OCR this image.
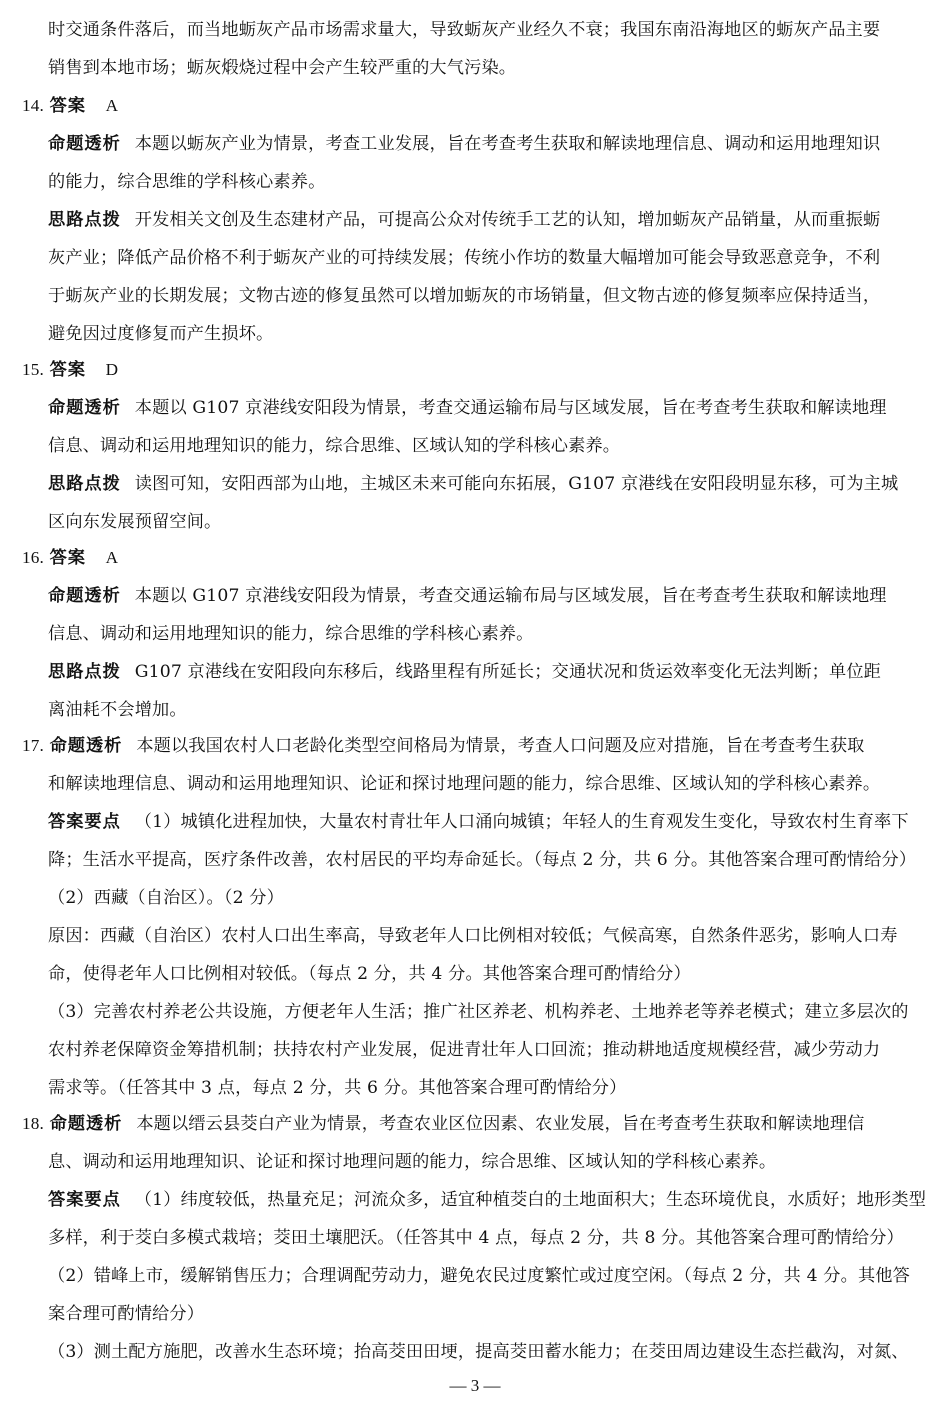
时交通条件落后，而当地蛎灰产品市场需求量大，导致蛎灰产业经久不衰；我国东南沿海地区的蛎灰产品主要
销售到本地市场；蛎灰煅烧过程中会产生较严重的大气污染。
14. 答案 A
命题透析 本题以蛎灰产业为情景，考查工业发展，旨在考查考生获取和解读地理信息、调动和运用地理知识
的能力，综合思维的学科核心素养。
思路点拨 开发相关文创及生态建材产品，可提高公众对传统手工艺的认知，增加蛎灰产品销量，从而重振蛎
灰产业；降低产品价格不利于蛎灰产业的可持续发展；传统小作坊的数量大幅增加可能会导致恶意竞争，不利
于蛎灰产业的长期发展；文物古迹的修复虽然可以增加蛎灰的市场销量，但文物古迹的修复频率应保持适当，
避免因过度修复而产生损坏。
15. 答案 D
命题透析 本题以 G107 京港线安阳段为情景，考查交通运输布局与区域发展，旨在考查考生获取和解读地理
信息、调动和运用地理知识的能力，综合思维、区域认知的学科核心素养。
思路点拨 读图可知，安阳西部为山地，主城区未来可能向东拓展，G107 京港线在安阳段明显东移，可为主城
区向东发展预留空间。
16. 答案 A
命题透析 本题以 G107 京港线安阳段为情景，考查交通运输布局与区域发展，旨在考查考生获取和解读地理
信息、调动和运用地理知识的能力，综合思维的学科核心素养。
思路点拨 G107 京港线在安阳段向东移后，线路里程有所延长；交通状况和货运效率变化无法判断；单位距
离油耗不会增加。
17. 命题透析 本题以我国农村人口老龄化类型空间格局为情景，考查人口问题及应对措施，旨在考查考生获取
和解读地理信息、调动和运用地理知识、论证和探讨地理问题的能力，综合思维、区域认知的学科核心素养。
答案要点 （1）城镇化进程加快，大量农村青壮年人口涌向城镇；年轻人的生育观发生变化，导致农村生育率下
降；生活水平提高，医疗条件改善，农村居民的平均寿命延长。（每点 2 分，共 6 分。其他答案合理可酌情给分）
（2）西藏（自治区）。（2 分）
原因：西藏（自治区）农村人口出生率高，导致老年人口比例相对较低；气候高寒，自然条件恶劣，影响人口寿
命，使得老年人口比例相对较低。（每点 2 分，共 4 分。其他答案合理可酌情给分）
（3）完善农村养老公共设施，方便老年人生活；推广社区养老、机构养老、土地养老等养老模式；建立多层次的
农村养老保障资金筹措机制；扶持农村产业发展，促进青壮年人口回流；推动耕地适度规模经营，减少劳动力
需求等。（任答其中 3 点，每点 2 分，共 6 分。其他答案合理可酌情给分）
18. 命题透析 本题以缙云县茭白产业为情景，考查农业区位因素、农业发展，旨在考查考生获取和解读地理信
息、调动和运用地理知识、论证和探讨地理问题的能力，综合思维、区域认知的学科核心素养。
答案要点 （1）纬度较低，热量充足；河流众多，适宜种植茭白的土地面积大；生态环境优良，水质好；地形类型
多样，利于茭白多模式栽培；茭田土壤肥沃。（任答其中 4 点，每点 2 分，共 8 分。其他答案合理可酌情给分）
（2）错峰上市，缓解销售压力；合理调配劳动力，避免农民过度繁忙或过度空闲。（每点 2 分，共 4 分。其他答
案合理可酌情给分）
（3）测土配方施肥，改善水生态环境；抬高茭田田埂，提高茭田蓄水能力；在茭田周边建设生态拦截沟，对氮、
— 3 —
